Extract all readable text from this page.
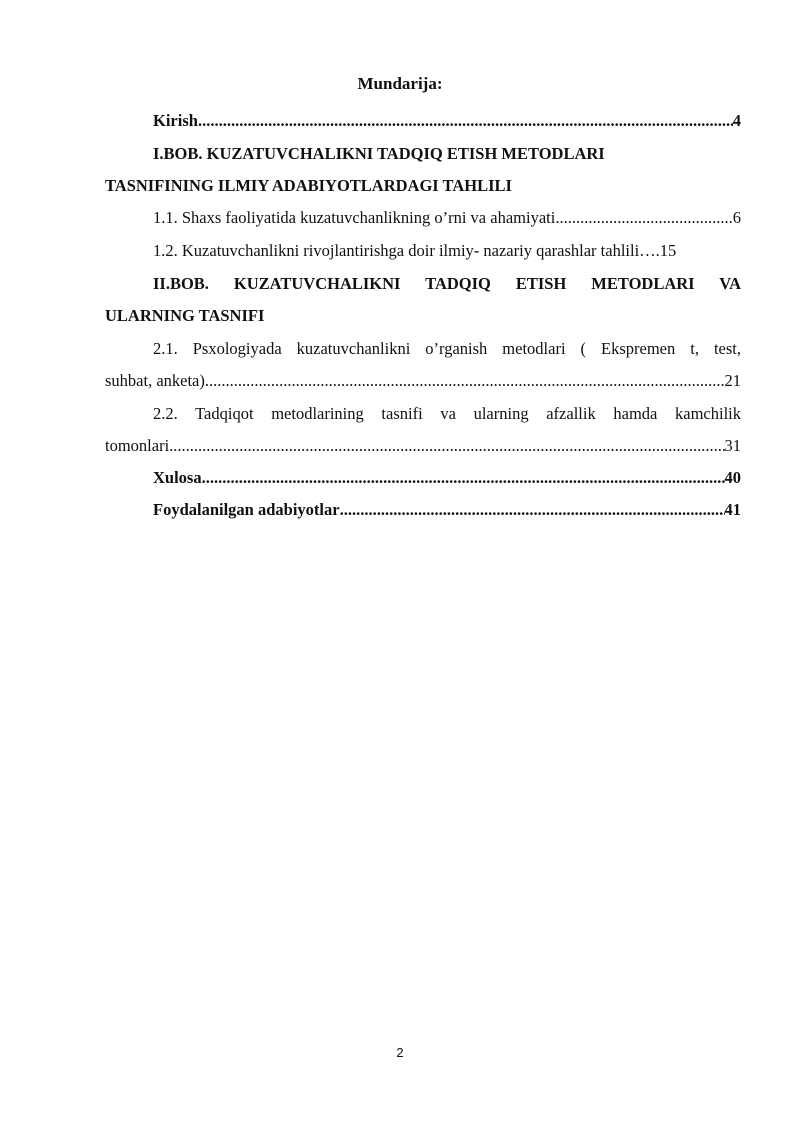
Mundarija:
Kirish .....	4
I.BOB. KUZATUVCHALIKNI TADQIQ ETISH METODLARI
TASNIFINING ILMIY ADABIYOTLARDAGI TAHLILI
1.1. Shaxs faoliyatida kuzatuvchanlikning o’rni va ahamiyati .....	6
1.2. Kuzatuvchanlikni rivojlantirishga doir ilmiy- nazariy qarashlar tahlili …. 15
II.BOB. KUZATUVCHALIKNI TADQIQ ETISH METODLARI VA
ULARNING TASNIFI
2.1. Psxologiyada kuzatuvchanlikni o’rganish metodlari ( Ekspremen t, test,
suhbat, anketa) .....	21
2.2. Tadqiqot metodlarining tasnifi va ularning afzallik hamda kamchilik
tomonlari .....	31
Xulosa .....	40
Foydalanilgan adabiyotlar .....	41
2
